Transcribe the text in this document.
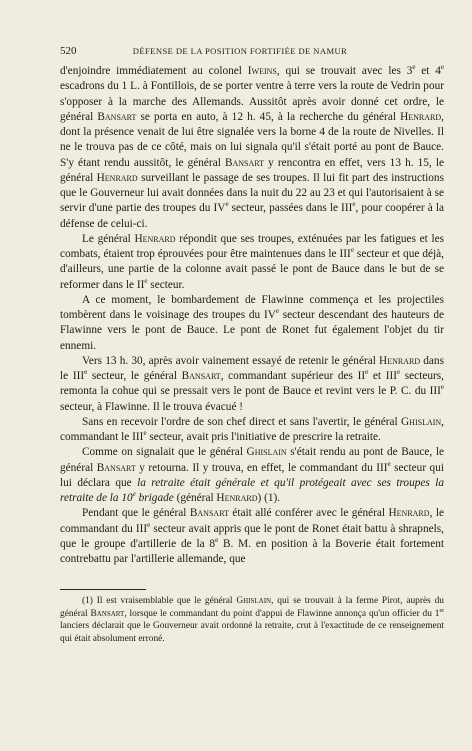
520	DÉFENSE DE LA POSITION FORTIFIÉE DE NAMUR

d'enjoindre immédiatement au colonel Iweins, qui se trouvait avec les 3e et 4e escadrons du 1 L. à Fontillois, de se porter ventre à terre vers la route de Vedrin pour s'opposer à la marche des Allemands. Aussitôt après avoir donné cet ordre, le général Bansart se porta en auto, à 12 h. 45, à la recherche du général Henrard, dont la présence venait de lui être signalée vers la borne 4 de la route de Nivelles. Il ne le trouva pas de ce côté, mais on lui signala qu'il s'était porté au pont de Bauce. S'y étant rendu aussitôt, le général Bansart y rencontra en effet, vers 13 h. 15, le général Henrard surveillant le passage de ses troupes. Il lui fit part des instructions que le Gouverneur lui avait données dans la nuit du 22 au 23 et qui l'autorisaient à se servir d'une partie des troupes du IVe secteur, passées dans le IIIe, pour coopérer à la défense de celui-ci.

Le général Henrard répondit que ses troupes, exténuées par les fatigues et les combats, étaient trop éprouvées pour être maintenues dans le IIIe secteur et que déjà, d'ailleurs, une partie de la colonne avait passé le pont de Bauce dans le but de se reformer dans le IIe secteur.

A ce moment, le bombardement de Flawinne commença et les projectiles tombèrent dans le voisinage des troupes du IVe secteur descendant des hauteurs de Flawinne vers le pont de Bauce. Le pont de Ronet fut également l'objet du tir ennemi.

Vers 13 h. 30, après avoir vainement essayé de retenir le général Henrard dans le IIIe secteur, le général Bansart, commandant supérieur des IIe et IIIe secteurs, remonta la cohue qui se pressait vers le pont de Bauce et revint vers le P. C. du IIIe secteur, à Flawinne. Il le trouva évacué !

Sans en recevoir l'ordre de son chef direct et sans l'avertir, le général Ghislain, commandant le IIIe secteur, avait pris l'initiative de prescrire la retraite.

Comme on signalait que le général Ghislain s'était rendu au pont de Bauce, le général Bansart y retourna. Il y trouva, en effet, le commandant du IIIe secteur qui lui déclara que la retraite était générale et qu'il protégeait avec ses troupes la retraite de la 10e brigade (général Henrard) (1).

Pendant que le général Bansart était allé conférer avec le général Henrard, le commandant du IIIe secteur avait appris que le pont de Ronet était battu à shrapnels, que le groupe d'artillerie de la 8e B. M. en position à la Boverie était fortement contrebattu par l'artillerie allemande, que

(1) Il est vraisemblable que le général Ghislain, qui se trouvait à la ferme Pirot, auprès du général Bansart, lorsque le commandant du point d'appui de Flawinne annonça qu'un officier du 1er lanciers déclarait que le Gouverneur avait ordonné la retraite, crut à l'exactitude de ce renseignement qui était absolument erroné.
